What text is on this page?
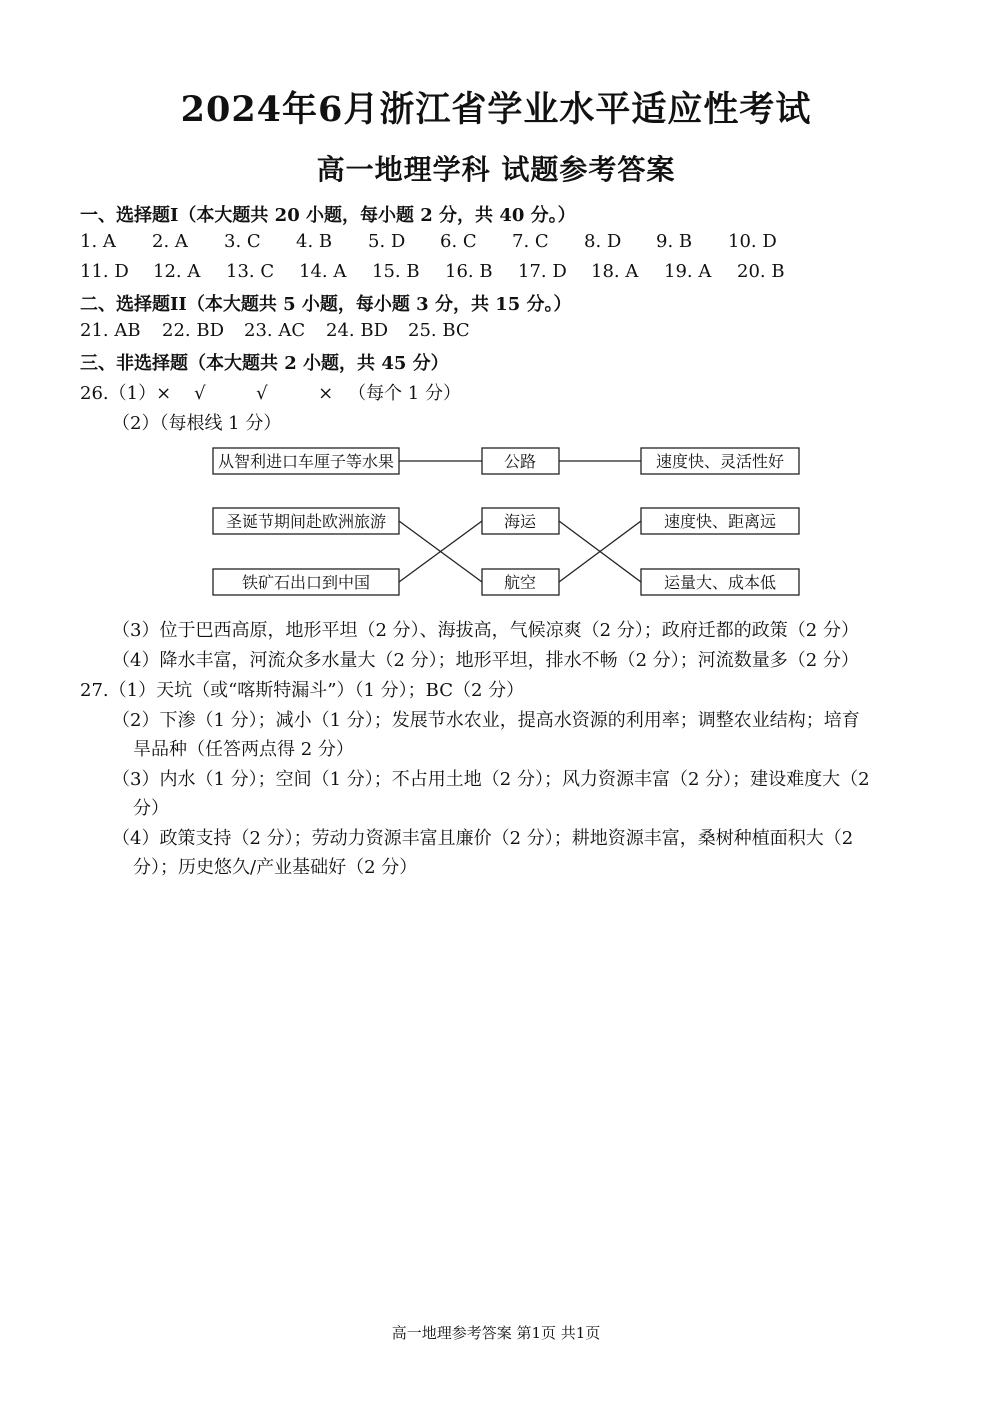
2024年6月浙江省学业水平适应性考试
高一地理学科 试题参考答案
一、选择题I（本大题共 20 小题，每小题 2 分，共 40 分。）
1. A 2. A 3. C 4. B 5. D 6. C 7. C 8. D 9. B 10. D
11. D 12. A 13. C 14. A 15. B 16. B 17. D 18. A 19. A 20. B
二、选择题II（本大题共 5 小题，每小题 3 分，共 15 分。）
21. AB 22. BD 23. AC 24. BD 25. BC
三、非选择题（本大题共 2 小题，共 45 分）
26.（1）× √	√	× （每个 1 分）
（2）（每根线 1 分）
从智利进口车厘子等水果
圣诞节期间赴欧洲旅游
铁矿石出口到中国
公路
海运
航空
速度快、灵活性好
速度快、距离远
运量大、成本低
（3）位于巴西高原，地形平坦（2 分）、海拔高，气候凉爽（2 分）；政府迁都的政策（2 分）
（4）降水丰富，河流众多水量大（2 分）；地形平坦，排水不畅（2 分）；河流数量多（2 分）
27.（1）天坑（或“喀斯特漏斗”）（1 分）；BC（2 分）
（2）下渗（1 分）；减小（1 分）；发展节水农业，提高水资源的利用率；调整农业结构；培育
旱品种（任答两点得 2 分）
（3）内水（1 分）；空间（1 分）；不占用土地（2 分）；风力资源丰富（2 分）；建设难度大（2
分）
（4）政策支持（2 分）；劳动力资源丰富且廉价（2 分）；耕地资源丰富，桑树种植面积大（2
分）；历史悠久/产业基础好（2 分）
高一地理参考答案 第1页 共1页
